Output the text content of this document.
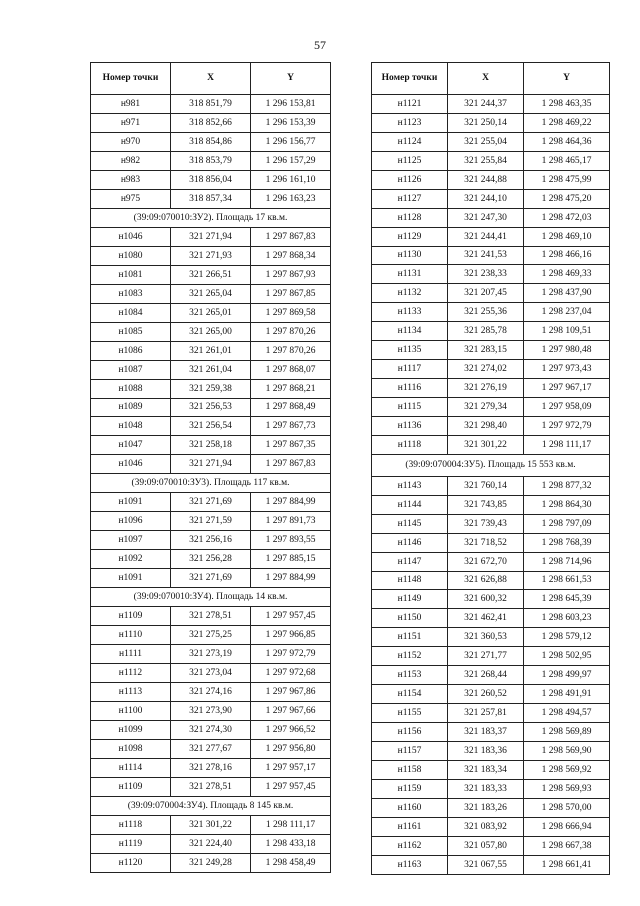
57
Номер точки	X	Y
н981	318 851,79	1 296 153,81
н971	318 852,66	1 296 153,39
н970	318 854,86	1 296 156,77
н982	318 853,79	1 296 157,29
н983	318 856,04	1 296 161,10
н975	318 857,34	1 296 163,23
(39:09:070010:ЗУ2). Площадь 17 кв.м.		
н1046	321 271,94	1 297 867,83
н1080	321 271,93	1 297 868,34
н1081	321 266,51	1 297 867,93
н1083	321 265,04	1 297 867,85
н1084	321 265,01	1 297 869,58
н1085	321 265,00	1 297 870,26
н1086	321 261,01	1 297 870,26
н1087	321 261,04	1 297 868,07
н1088	321 259,38	1 297 868,21
н1089	321 256,53	1 297 868,49
н1048	321 256,54	1 297 867,73
н1047	321 258,18	1 297 867,35
н1046	321 271,94	1 297 867,83
(39:09:070010:ЗУ3). Площадь 117 кв.м.		
н1091	321 271,69	1 297 884,99
н1096	321 271,59	1 297 891,73
н1097	321 256,16	1 297 893,55
н1092	321 256,28	1 297 885,15
н1091	321 271,69	1 297 884,99
(39:09:070010:ЗУ4). Площадь 14 кв.м.		
н1109	321 278,51	1 297 957,45
н1110	321 275,25	1 297 966,85
н1111	321 273,19	1 297 972,79
н1112	321 273,04	1 297 972,68
н1113	321 274,16	1 297 967,86
н1100	321 273,90	1 297 967,66
н1099	321 274,30	1 297 966,52
н1098	321 277,67	1 297 956,80
н1114	321 278,16	1 297 957,17
н1109	321 278,51	1 297 957,45
(39:09:070004:ЗУ4). Площадь 8 145 кв.м.		
н1118	321 301,22	1 298 111,17
н1119	321 224,40	1 298 433,18
н1120	321 249,28	1 298 458,49
Номер точки	X	Y
н1121	321 244,37	1 298 463,35
н1123	321 250,14	1 298 469,22
н1124	321 255,04	1 298 464,36
н1125	321 255,84	1 298 465,17
н1126	321 244,88	1 298 475,99
н1127	321 244,10	1 298 475,20
н1128	321 247,30	1 298 472,03
н1129	321 244,41	1 298 469,10
н1130	321 241,53	1 298 466,16
н1131	321 238,33	1 298 469,33
н1132	321 207,45	1 298 437,90
н1133	321 255,36	1 298 237,04
н1134	321 285,78	1 298 109,51
н1135	321 283,15	1 297 980,48
н1117	321 274,02	1 297 973,43
н1116	321 276,19	1 297 967,17
н1115	321 279,34	1 297 958,09
н1136	321 298,40	1 297 972,79
н1118	321 301,22	1 298 111,17
(39:09:070004:ЗУ5). Площадь 15 553 кв.м.		
н1143	321 760,14	1 298 877,32
н1144	321 743,85	1 298 864,30
н1145	321 739,43	1 298 797,09
н1146	321 718,52	1 298 768,39
н1147	321 672,70	1 298 714,96
н1148	321 626,88	1 298 661,53
н1149	321 600,32	1 298 645,39
н1150	321 462,41	1 298 603,23
н1151	321 360,53	1 298 579,12
н1152	321 271,77	1 298 502,95
н1153	321 268,44	1 298 499,97
н1154	321 260,52	1 298 491,91
н1155	321 257,81	1 298 494,57
н1156	321 183,37	1 298 569,89
н1157	321 183,36	1 298 569,90
н1158	321 183,34	1 298 569,92
н1159	321 183,33	1 298 569,93
н1160	321 183,26	1 298 570,00
н1161	321 083,92	1 298 666,94
н1162	321 057,80	1 298 667,38
н1163	321 067,55	1 298 661,41
